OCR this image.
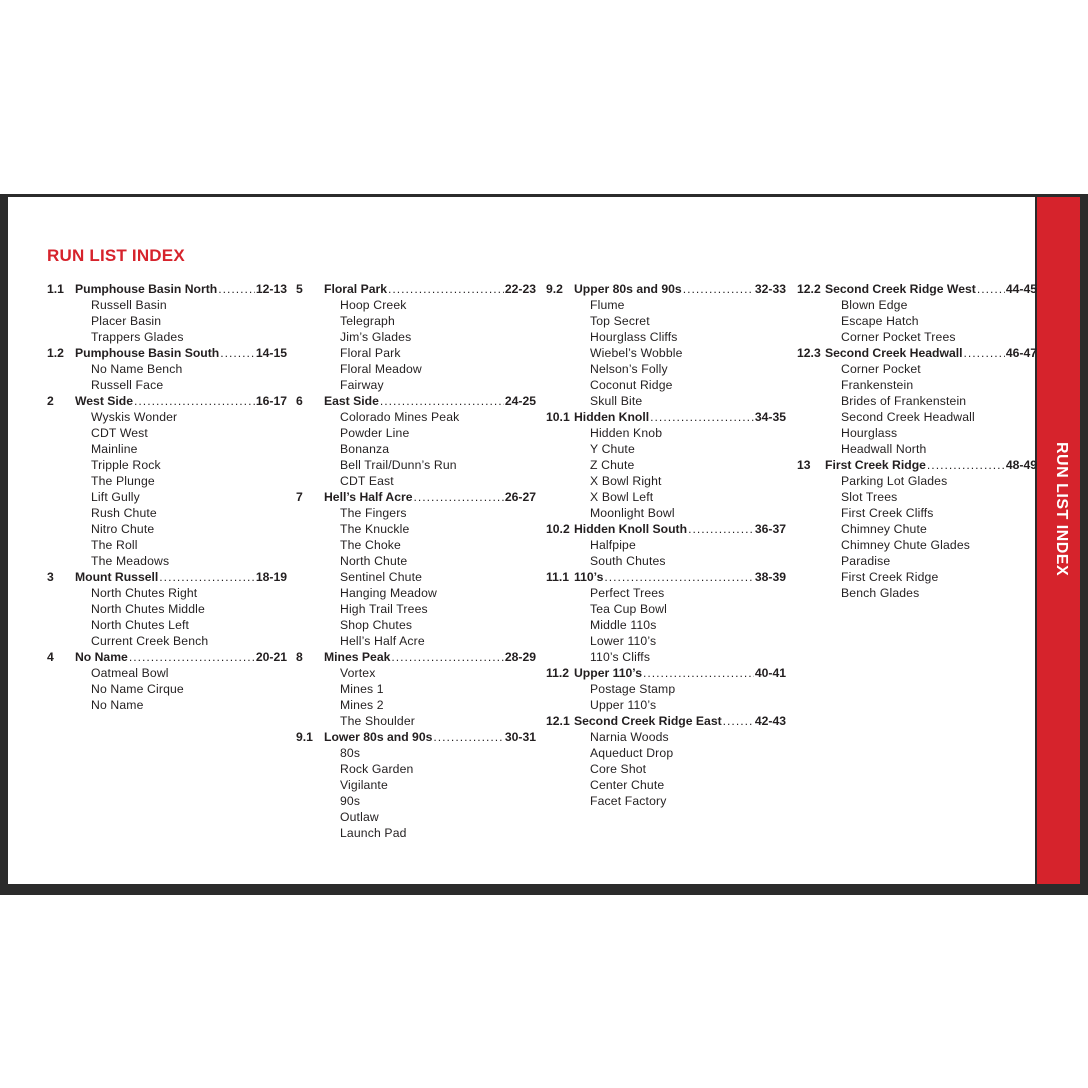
RUN LIST INDEX
1.1 Pumphouse Basin North .....	12-13
Russell Basin
Placer Basin
Trappers Glades
1.2 Pumphouse Basin South .....	14-15
No Name Bench
Russell Face
2	West Side .....	16-17
Wyskis Wonder
CDT West
Mainline
Tripple Rock
The Plunge
Lift Gully
Rush Chute
Nitro Chute
The Roll
The Meadows
3	Mount Russell .....	18-19
North Chutes Right
North Chutes Middle
North Chutes Left
Current Creek Bench
4	No Name .....	20-21
Oatmeal Bowl
No Name Cirque
No Name
5	Floral Park .....	22-23
Hoop Creek
Telegraph
Jim’s Glades
Floral Park
Floral Meadow
Fairway
6	East Side .....	24-25
Colorado Mines Peak
Powder Line
Bonanza
Bell Trail/Dunn’s Run
CDT East
7	Hell’s Half Acre .....	26-27
The Fingers
The Knuckle
The Choke
North Chute
Sentinel Chute
Hanging Meadow
High Trail Trees
Shop Chutes
Hell’s Half Acre
8	Mines Peak .....	28-29
Vortex
Mines 1
Mines 2
The Shoulder
9.1 Lower 80s and 90s .....	30-31
80s
Rock Garden
Vigilante
90s
Outlaw
Launch Pad
9.2 Upper 80s and 90s .....	32-33
Flume
Top Secret
Hourglass Cliffs
Wiebel’s Wobble
Nelson’s Folly
Coconut Ridge
Skull Bite
10.1 Hidden Knoll .....	34-35
Hidden Knob
Y Chute
Z Chute
X Bowl Right
X Bowl Left
Moonlight Bowl
10.2 Hidden Knoll South .....	36-37
Halfpipe
South Chutes
11.1 110’s .....	38-39
Perfect Trees
Tea Cup Bowl
Middle 110s
Lower 110’s
110’s Cliffs
11.2 Upper 110’s .....	40-41
Postage Stamp
Upper 110’s
12.1 Second Creek Ridge East .....	42-43
Narnia Woods
Aqueduct Drop
Core Shot
Center Chute
Facet Factory
12.2 Second Creek Ridge West ..... 44-45
Blown Edge
Escape Hatch
Corner Pocket Trees
12.3 Second Creek Headwall .....	46-47
Corner Pocket
Frankenstein
Brides of Frankenstein
Second Creek Headwall
Hourglass
Headwall North
13	First Creek Ridge .....	48-49
Parking Lot Glades
Slot Trees
First Creek Cliffs
Chimney Chute
Chimney Chute Glades
Paradise
First Creek Ridge
Bench Glades
RUN LIST INDEX
